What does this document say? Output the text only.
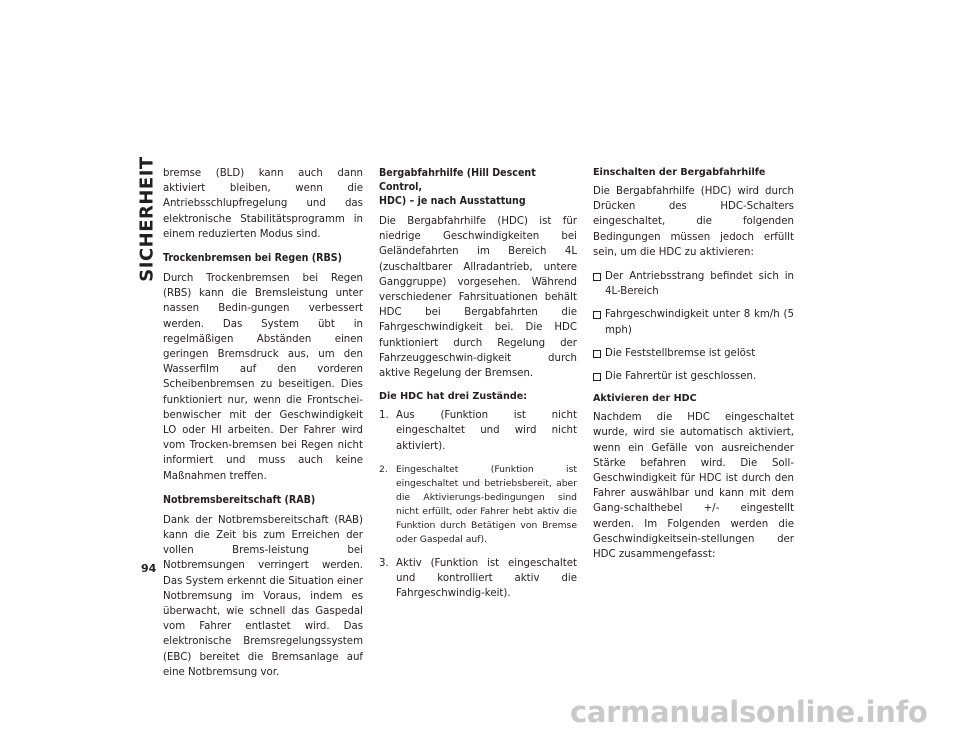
SICHERHEIT
94

bremse (BLD) kann auch dann aktiviert bleiben, wenn die Antriebsschlupfregelung und das elektronische Stabilitätsprogramm in einem reduzierten Modus sind.

Trockenbremsen bei Regen (RBS)

Durch Trockenbremsen bei Regen (RBS) kann die Bremsleistung unter nassen Bedin-gungen verbessert werden. Das System übt in regelmäßigen Abständen einen geringen Bremsdruck aus, um den Wasserfilm auf den vorderen Scheibenbremsen zu beseitigen. Dies funktioniert nur, wenn die Frontschei-benwischer mit der Geschwindigkeit LO oder HI arbeiten. Der Fahrer wird vom Trocken-bremsen bei Regen nicht informiert und muss auch keine Maßnahmen treffen.

Notbremsbereitschaft (RAB)

Dank der Notbremsbereitschaft (RAB) kann die Zeit bis zum Erreichen der vollen Brems-leistung bei Notbremsungen verringert werden. Das System erkennt die Situation einer Notbremsung im Voraus, indem es überwacht, wie schnell das Gaspedal vom Fahrer entlastet wird. Das elektronische Bremsregelungssystem (EBC) bereitet die Bremsanlage auf eine Notbremsung vor.

Bergabfahrhilfe (Hill Descent Control,
HDC) – je nach Ausstattung

Die Bergabfahrhilfe (HDC) ist für niedrige Geschwindigkeiten bei Geländefahrten im Bereich 4L (zuschaltbarer Allradantrieb, untere Ganggruppe) vorgesehen. Während verschiedener Fahrsituationen behält HDC bei Bergabfahrten die Fahrgeschwindigkeit bei. Die HDC funktioniert durch Regelung der Fahrzeuggeschwin-digkeit durch aktive Regelung der Bremsen.

Die HDC hat drei Zustände:
1. Aus (Funktion ist nicht eingeschaltet und wird nicht aktiviert).
2. Eingeschaltet (Funktion ist eingeschaltet und betriebsbereit, aber die Aktivierungs-bedingungen sind nicht erfüllt, oder Fahrer hebt aktiv die Funktion durch Betätigen von Bremse oder Gaspedal auf).
3. Aktiv (Funktion ist eingeschaltet und kontrolliert aktiv die Fahrgeschwindig-keit).
Einschalten der Bergabfahrhilfe

Die Bergabfahrhilfe (HDC) wird durch Drücken des HDC-Schalters eingeschaltet, die folgenden Bedingungen müssen jedoch erfüllt sein, um die HDC zu aktivieren:

Der Antriebsstrang befindet sich in 4L-Bereich
Fahrgeschwindigkeit unter 8 km/h (5 mph)
Die Feststellbremse ist gelöst
Die Fahrertür ist geschlossen.
Aktivieren der HDC

Nachdem die HDC eingeschaltet wurde, wird sie automatisch aktiviert, wenn ein Gefälle von ausreichender Stärke befahren wird. Die Soll-Geschwindigkeit für HDC ist durch den Fahrer auswählbar und kann mit dem Gang-schalthebel +/- eingestellt werden. Im Folgenden werden die Geschwindigkeitsein-stellungen der HDC zusammengefasst:

carmanualsonline.info
